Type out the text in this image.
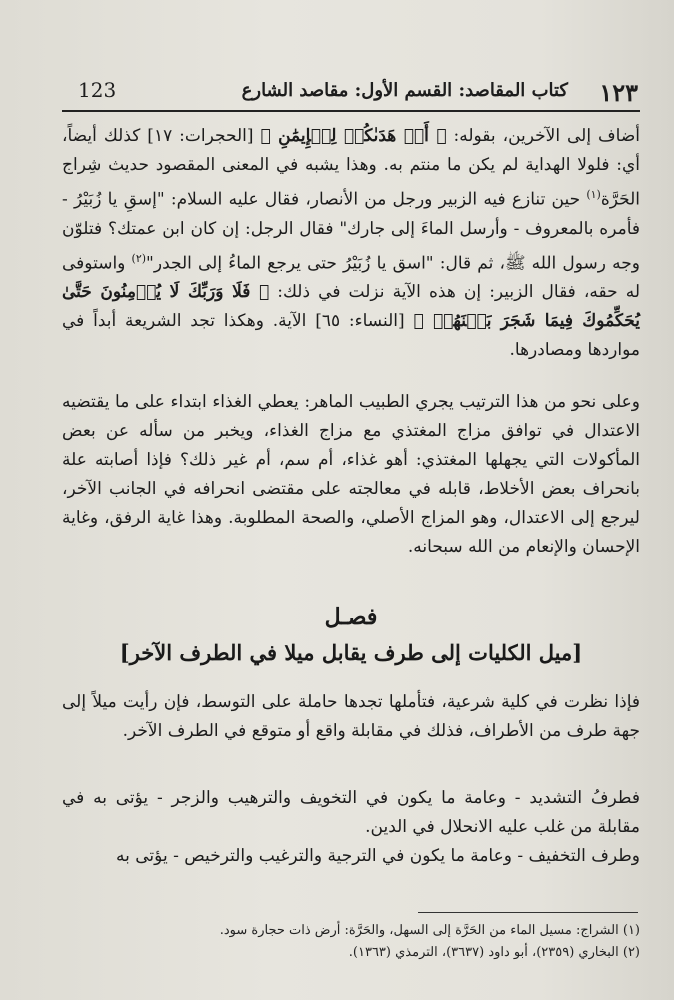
١٢٣
كتاب المقاصد: القسم الأول: مقاصد الشارع
123

أضاف إلى الآخرين، بقوله: ﴿ أَنۡ هَدَىٰكُمۡ لِلۡإِيمَٰنِ ﴾ [الحجرات: ١٧] كذلك أيضاً، أي: فلولا الهداية لم يكن ما منتم به. وهذا يشبه في المعنى المقصود حديث شِراج الحَرَّة$^{(١)}$ حين تنازع فيه الزبير ورجل من الأنصار، فقال عليه السلام: "إسقِ يا زُبَيْرُ - فأمره بالمعروف - وأرسل الماءَ إلى جارك" فقال الرجل: إن كان ابن عمتك؟ فتلوّن وجه رسول الله ﷺ، ثم قال: "اسق يا زُبَيْرُ حتى يرجع الماءُ إلى الجدر"$^{(٢)}$ واستوفى له حقه، فقال الزبير: إن هذه الآية نزلت في ذلك: ﴿ فَلَا وَرَبِّكَ لَا يُؤۡمِنُونَ حَتَّىٰ يُحَكِّمُوكَ فِيمَا شَجَرَ بَيۡنَهُمۡ ﴾ [النساء: ٦٥] الآية. وهكذا تجد الشريعة أبداً في مواردها ومصادرها.

وعلى نحو من هذا الترتيب يجري الطبيب الماهر: يعطي الغذاء ابتداء على ما يقتضيه الاعتدال في توافق مزاج المغتذي مع مزاج الغذاء، ويخبر من سأله عن بعض المأكولات التي يجهلها المغتذي: أهو غذاء، أم سم، أم غير ذلك؟ فإذا أصابته علة بانحراف بعض الأخلاط، قابله في معالجته على مقتضى انحرافه في الجانب الآخر، ليرجع إلى الاعتدال، وهو المزاج الأصلي، والصحة المطلوبة. وهذا غاية الرفق، وغاية الإحسان والإنعام من الله سبحانه.

فصـل
[ميل الكليات إلى طرف يقابل ميلا في الطرف الآخر]

فإذا نظرت في كلية شرعية، فتأملها تجدها حاملة على التوسط، فإن رأيت ميلاً إلى جهة طرف من الأطراف، فذلك في مقابلة واقع أو متوقع في الطرف الآخر.

فطرفُ التشديد - وعامة ما يكون في التخويف والترهيب والزجر - يؤتى به في مقابلة من غلب عليه الانحلال في الدين.

وطرف التخفيف - وعامة ما يكون في الترجية والترغيب والترخيص - يؤتى به

(١) الشراج: مسيل الماء من الحَرَّة إلى السهل، والحَرَّة: أرض ذات حجارة سود.
(٢) البخاري (٢٣٥٩)، أبو داود (٣٦٣٧)، الترمذي (١٣٦٣).
